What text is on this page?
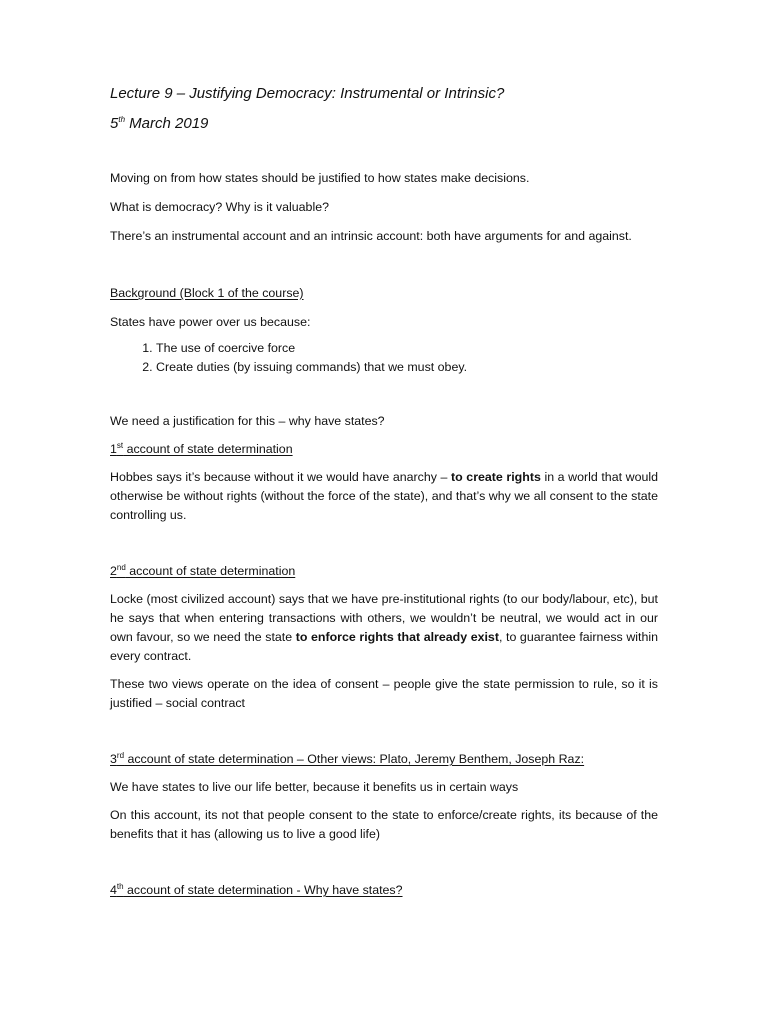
Lecture 9 – Justifying Democracy: Instrumental or Intrinsic?

5th March 2019

Moving on from how states should be justified to how states make decisions.

What is democracy? Why is it valuable?

There’s an instrumental account and an intrinsic account: both have arguments for and against.

Background (Block 1 of the course)

States have power over us because:

1. The use of coercive force
2. Create duties (by issuing commands) that we must obey.

We need a justification for this – why have states?

1st account of state determination

Hobbes says it’s because without it we would have anarchy – to create rights in a world that would otherwise be without rights (without the force of the state), and that’s why we all consent to the state controlling us.

2nd account of state determination

Locke (most civilized account) says that we have pre-institutional rights (to our body/labour, etc), but he says that when entering transactions with others, we wouldn’t be neutral, we would act in our own favour, so we need the state to enforce rights that already exist, to guarantee fairness within every contract.

These two views operate on the idea of consent – people give the state permission to rule, so it is justified – social contract

3rd account of state determination – Other views: Plato, Jeremy Benthem, Joseph Raz:

We have states to live our life better, because it benefits us in certain ways

On this account, its not that people consent to the state to enforce/create rights, its because of the benefits that it has (allowing us to live a good life)

4th account of state determination - Why have states?
